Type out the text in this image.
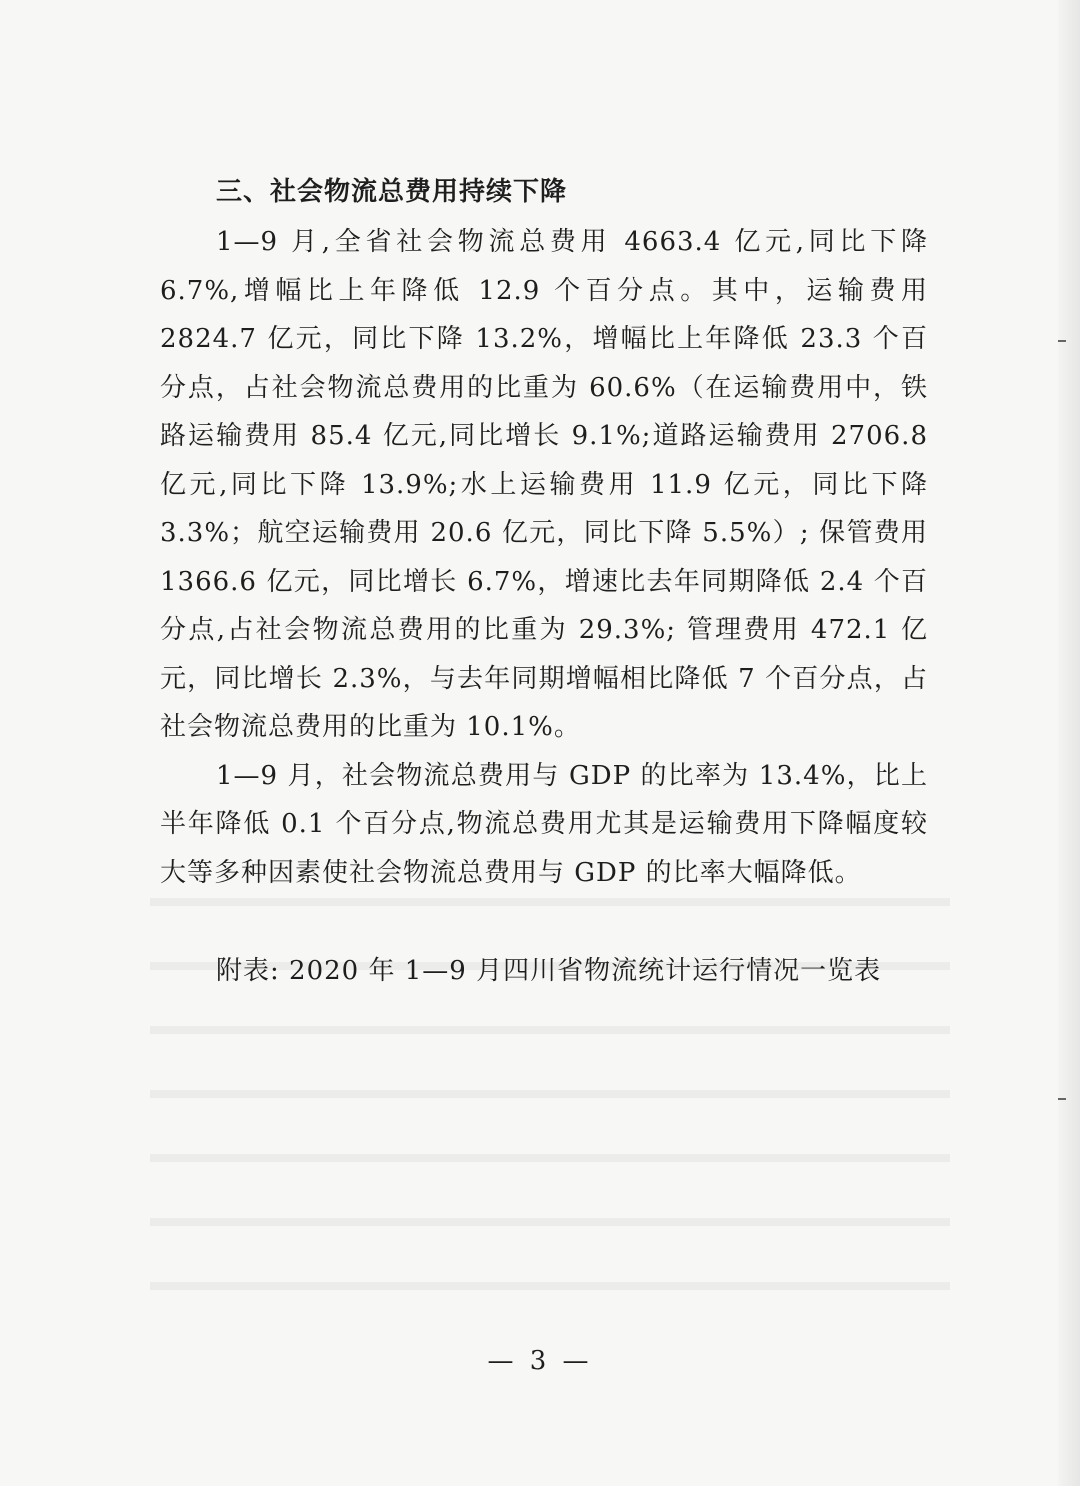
三、社会物流总费用持续下降

1—9 月,全省社会物流总费用 4663.4 亿元,同比下降 6.7%,增幅比上年降低 12.9 个百分点。其中，运输费用 2824.7 亿元，同比下降 13.2%，增幅比上年降低 23.3 个百分点，占社会物流总费用的比重为 60.6%（在运输费用中，铁路运输费用 85.4 亿元,同比增长 9.1%;道路运输费用 2706.8 亿元,同比下降 13.9%;水上运输费用 11.9 亿元，同比下降 3.3%；航空运输费用 20.6 亿元，同比下降 5.5%）; 保管费用 1366.6 亿元，同比增长 6.7%，增速比去年同期降低 2.4 个百分点,占社会物流总费用的比重为 29.3%; 管理费用 472.1 亿元，同比增长 2.3%，与去年同期增幅相比降低 7 个百分点，占社会物流总费用的比重为 10.1%。

1—9 月，社会物流总费用与 GDP 的比率为 13.4%，比上半年降低 0.1 个百分点,物流总费用尤其是运输费用下降幅度较大等多种因素使社会物流总费用与 GDP 的比率大幅降低。

附表: 2020 年 1—9 月四川省物流统计运行情况一览表

— 3 —
